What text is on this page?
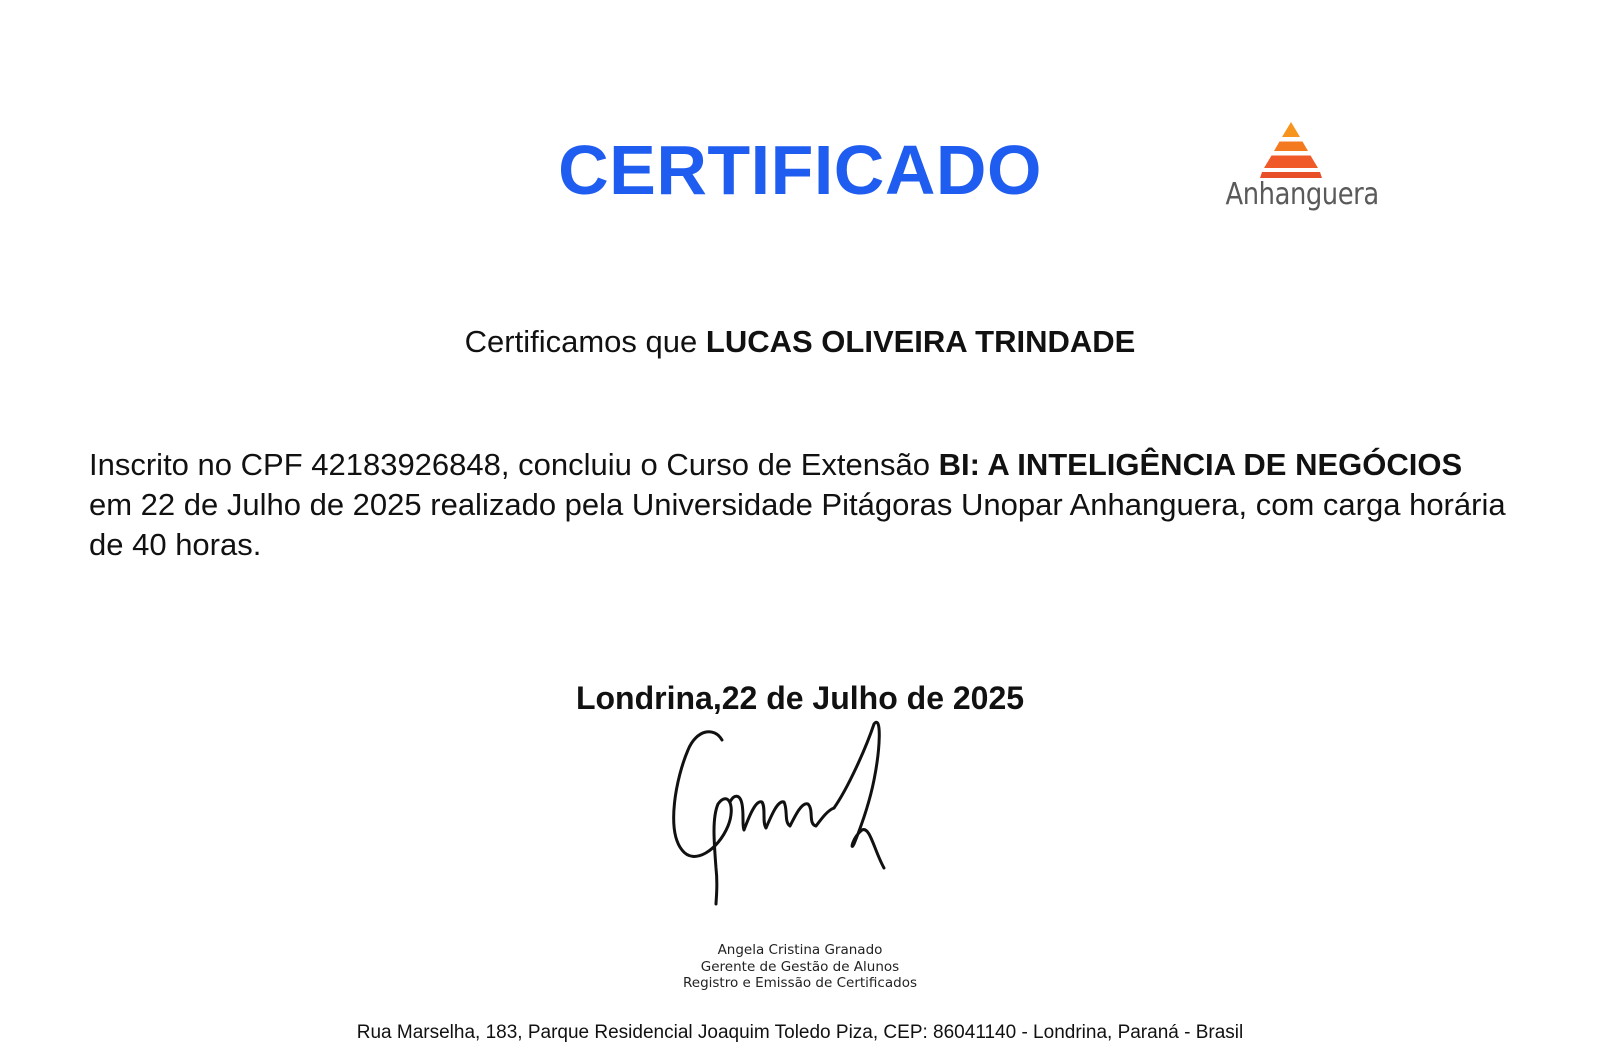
CERTIFICADO	Anhanguera
Certificamos que LUCAS OLIVEIRA TRINDADE
Inscrito no CPF 42183926848, concluiu o Curso de Extensão BI: A INTELIGÊNCIA DE NEGÓCIOS em 22 de Julho de 2025 realizado pela Universidade Pitágoras Unopar Anhanguera, com carga horária de 40 horas.
Londrina,22 de Julho de 2025
Angela Cristina Granado
Gerente de Gestão de Alunos
Registro e Emissão de Certificados
Rua Marselha, 183, Parque Residencial Joaquim Toledo Piza, CEP: 86041140 - Londrina, Paraná - Brasil
